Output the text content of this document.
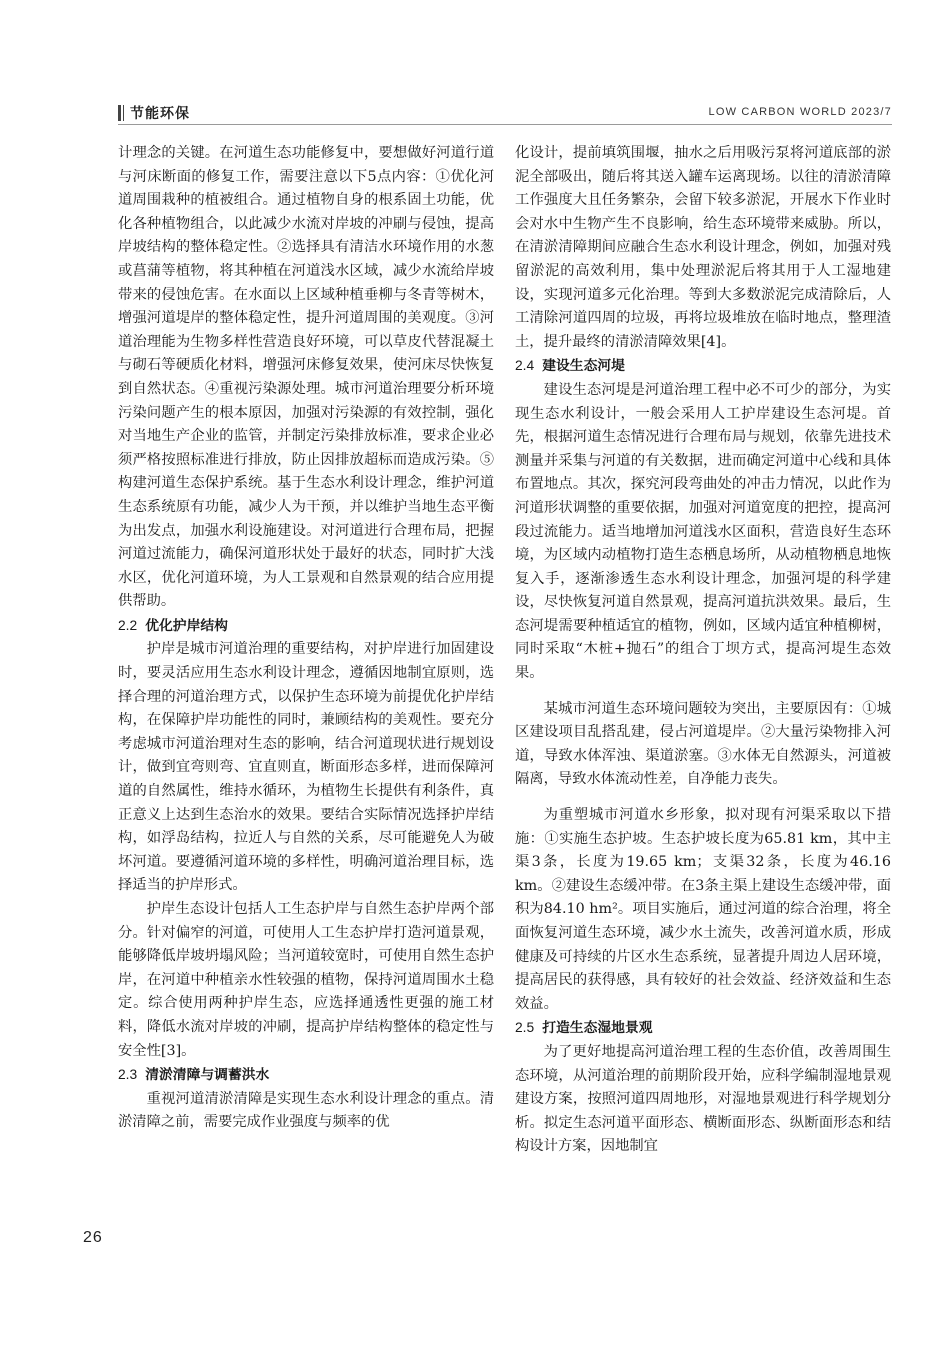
节能环保	LOW CARBON WORLD 2023/7

计理念的关键。在河道生态功能修复中，要想做好河道行道与河床断面的修复工作，需要注意以下5点内容：①优化河道周围栽种的植被组合。通过植物自身的根系固土功能，优化各种植物组合，以此减少水流对岸坡的冲刷与侵蚀，提高岸坡结构的整体稳定性。②选择具有清洁水环境作用的水葱或菖蒲等植物，将其种植在河道浅水区域，减少水流给岸坡带来的侵蚀危害。在水面以上区域种植垂柳与冬青等树木，增强河道堤岸的整体稳定性，提升河道周围的美观度。③河道治理能为生物多样性营造良好环境，可以草皮代替混凝土与砌石等硬质化材料，增强河床修复效果，使河床尽快恢复到自然状态。④重视污染源处理。城市河道治理要分析环境污染问题产生的根本原因，加强对污染源的有效控制，强化对当地生产企业的监管，并制定污染排放标准，要求企业必须严格按照标准进行排放，防止因排放超标而造成污染。⑤构建河道生态保护系统。基于生态水利设计理念，维护河道生态系统原有功能，减少人为干预，并以维护当地生态平衡为出发点，加强水利设施建设。对河道进行合理布局，把握河道过流能力，确保河道形状处于最好的状态，同时扩大浅水区，优化河道环境，为人工景观和自然景观的结合应用提供帮助。

2.2 优化护岸结构

护岸是城市河道治理的重要结构，对护岸进行加固建设时，要灵活应用生态水利设计理念，遵循因地制宜原则，选择合理的河道治理方式，以保护生态环境为前提优化护岸结构，在保障护岸功能性的同时，兼顾结构的美观性。要充分考虑城市河道治理对生态的影响，结合河道现状进行规划设计，做到宜弯则弯、宜直则直，断面形态多样，进而保障河道的自然属性，维持水循环，为植物生长提供有利条件，真正意义上达到生态治水的效果。要结合实际情况选择护岸结构，如浮岛结构，拉近人与自然的关系，尽可能避免人为破坏河道。要遵循河道环境的多样性，明确河道治理目标，选择适当的护岸形式。

护岸生态设计包括人工生态护岸与自然生态护岸两个部分。针对偏窄的河道，可使用人工生态护岸打造河道景观，能够降低岸坡坍塌风险；当河道较宽时，可使用自然生态护岸，在河道中种植亲水性较强的植物，保持河道周围水土稳定。综合使用两种护岸生态，应选择通透性更强的施工材料，降低水流对岸坡的冲刷，提高护岸结构整体的稳定性与安全性[3]。

2.3 清淤清障与调蓄洪水

重视河道清淤清障是实现生态水利设计理念的重点。清淤清障之前，需要完成作业强度与频率的优

化设计，提前填筑围堰，抽水之后用吸污泵将河道底部的淤泥全部吸出，随后将其送入罐车运离现场。以往的清淤清障工作强度大且任务繁杂，会留下较多淤泥，开展水下作业时会对水中生物产生不良影响，给生态环境带来威胁。所以，在清淤清障期间应融合生态水利设计理念，例如，加强对残留淤泥的高效利用，集中处理淤泥后将其用于人工湿地建设，实现河道多元化治理。等到大多数淤泥完成清除后，人工清除河道四周的垃圾，再将垃圾堆放在临时地点，整理渣土，提升最终的清淤清障效果[4]。

2.4 建设生态河堤

建设生态河堤是河道治理工程中必不可少的部分，为实现生态水利设计，一般会采用人工护岸建设生态河堤。首先，根据河道生态情况进行合理布局与规划，依靠先进技术测量并采集与河道的有关数据，进而确定河道中心线和具体布置地点。其次，探究河段弯曲处的冲击力情况，以此作为河道形状调整的重要依据，加强对河道宽度的把控，提高河段过流能力。适当地增加河道浅水区面积，营造良好生态环境，为区域内动植物打造生态栖息场所，从动植物栖息地恢复入手，逐渐渗透生态水利设计理念，加强河堤的科学建设，尽快恢复河道自然景观，提高河道抗洪效果。最后，生态河堤需要种植适宜的植物，例如，区域内适宜种植柳树，同时采取“木桩+抛石”的组合丁坝方式，提高河堤生态效果。

某城市河道生态环境问题较为突出，主要原因有：①城区建设项目乱搭乱建，侵占河道堤岸。②大量污染物排入河道，导致水体浑浊、渠道淤塞。③水体无自然源头，河道被隔离，导致水体流动性差，自净能力丧失。

为重塑城市河道水乡形象，拟对现有河渠采取以下措施：①实施生态护坡。生态护坡长度为65.81 km，其中主渠3条，长度为19.65 km；支渠32条，长度为46.16 km。②建设生态缓冲带。在3条主渠上建设生态缓冲带，面积为84.10 hm²。项目实施后，通过河道的综合治理，将全面恢复河道生态环境，减少水土流失，改善河道水质，形成健康及可持续的片区水生态系统，显著提升周边人居环境，提高居民的获得感，具有较好的社会效益、经济效益和生态效益。

2.5 打造生态湿地景观

为了更好地提高河道治理工程的生态价值，改善周围生态环境，从河道治理的前期阶段开始，应科学编制湿地景观建设方案，按照河道四周地形，对湿地景观进行科学规划分析。拟定生态河道平面形态、横断面形态、纵断面形态和结构设计方案，因地制宜

26
